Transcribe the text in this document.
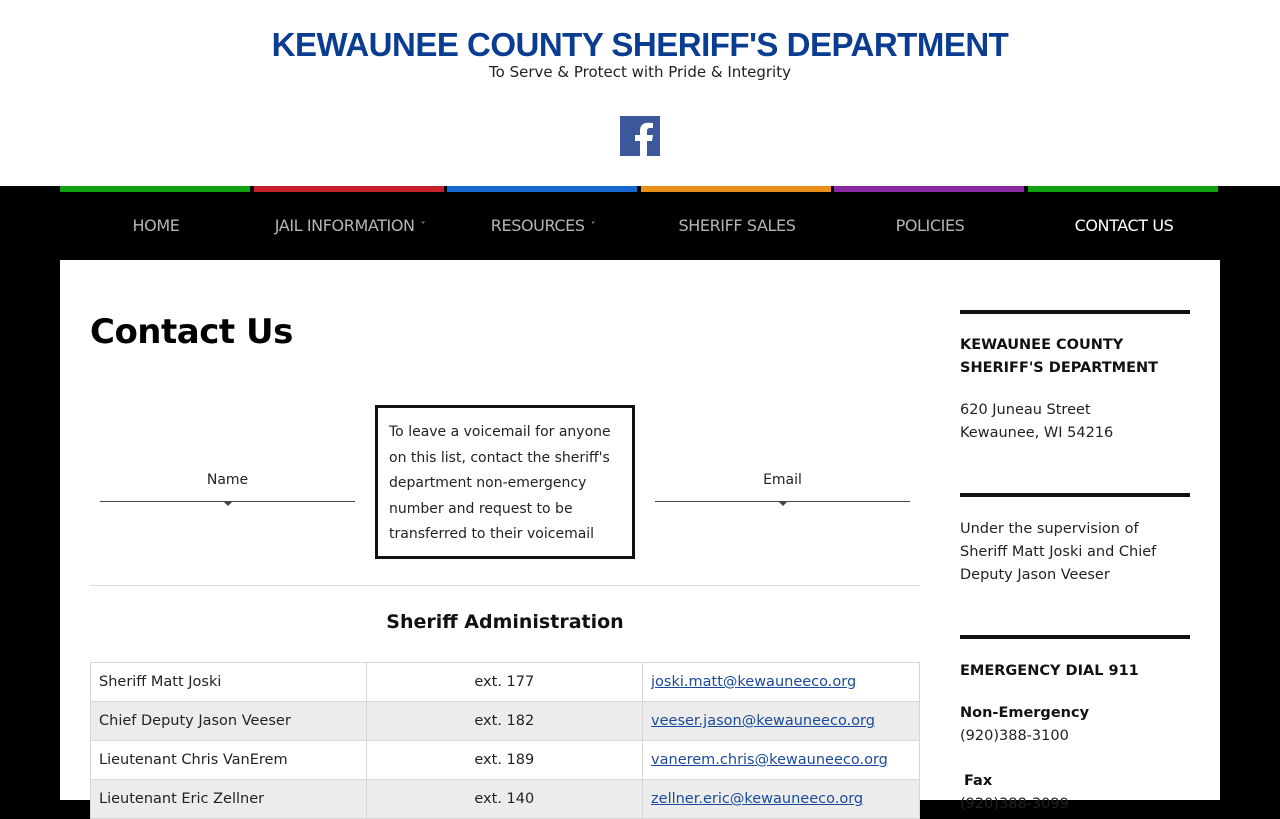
KEWAUNEE COUNTY SHERIFF'S DEPARTMENT
To Serve & Protect with Pride & Integrity
HOME	JAIL INFORMATION ˅	RESOURCES ˅	SHERIFF SALES	POLICIES	CONTACT US
Contact Us
Name
To leave a voicemail for anyone on this list, contact the sheriff's department non-emergency number and request to be transferred to their voicemail
Email
Sheriff Administration
Sheriff Matt Joski	ext. 177	joski.matt@kewauneeco.org
Chief Deputy Jason Veeser	ext. 182	veeser.jason@kewauneeco.org
Lieutenant Chris VanErem	ext. 189	vanerem.chris@kewauneeco.org
Lieutenant Eric Zellner	ext. 140	zellner.eric@kewauneeco.org
KEWAUNEE COUNTY SHERIFF'S DEPARTMENT
620 Juneau Street
Kewaunee, WI 54216
Under the supervision of Sheriff Matt Joski and Chief Deputy Jason Veeser
EMERGENCY DIAL 911
Non-Emergency
(920)388-3100
Fax
(920)388-3099
